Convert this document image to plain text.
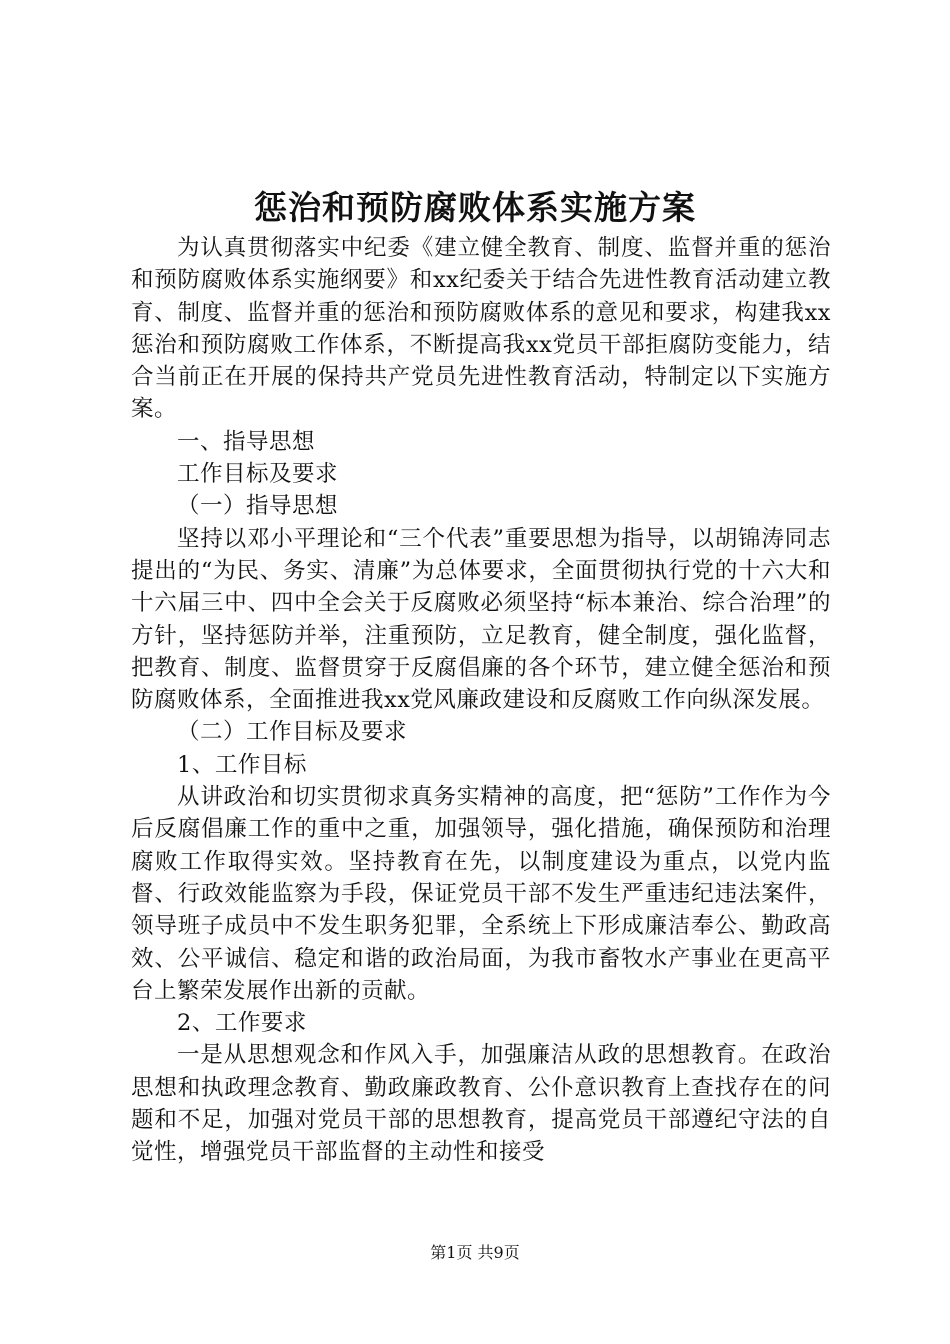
惩治和预防腐败体系实施方案

为认真贯彻落实中纪委《建立健全教育、制度、监督并重的惩治和预防腐败体系实施纲要》和xx纪委关于结合先进性教育活动建立教育、制度、监督并重的惩治和预防腐败体系的意见和要求，构建我xx惩治和预防腐败工作体系，不断提高我xx党员干部拒腐防变能力，结合当前正在开展的保持共产党员先进性教育活动，特制定以下实施方案。

一、指导思想

工作目标及要求

（一）指导思想

坚持以邓小平理论和“三个代表”重要思想为指导，以胡锦涛同志提出的“为民、务实、清廉”为总体要求，全面贯彻执行党的十六大和十六届三中、四中全会关于反腐败必须坚持“标本兼治、综合治理”的方针，坚持惩防并举，注重预防，立足教育，健全制度，强化监督，把教育、制度、监督贯穿于反腐倡廉的各个环节，建立健全惩治和预防腐败体系，全面推进我xx党风廉政建设和反腐败工作向纵深发展。

（二）工作目标及要求

1、工作目标

从讲政治和切实贯彻求真务实精神的高度，把“惩防”工作作为今后反腐倡廉工作的重中之重，加强领导，强化措施，确保预防和治理腐败工作取得实效。坚持教育在先，以制度建设为重点，以党内监督、行政效能监察为手段，保证党员干部不发生严重违纪违法案件，领导班子成员中不发生职务犯罪，全系统上下形成廉洁奉公、勤政高效、公平诚信、稳定和谐的政治局面，为我市畜牧水产事业在更高平台上繁荣发展作出新的贡献。

2、工作要求

一是从思想观念和作风入手，加强廉洁从政的思想教育。在政治思想和执政理念教育、勤政廉政教育、公仆意识教育上查找存在的问题和不足，加强对党员干部的思想教育，提高党员干部遵纪守法的自觉性，增强党员干部监督的主动性和接受

第1页 共9页
